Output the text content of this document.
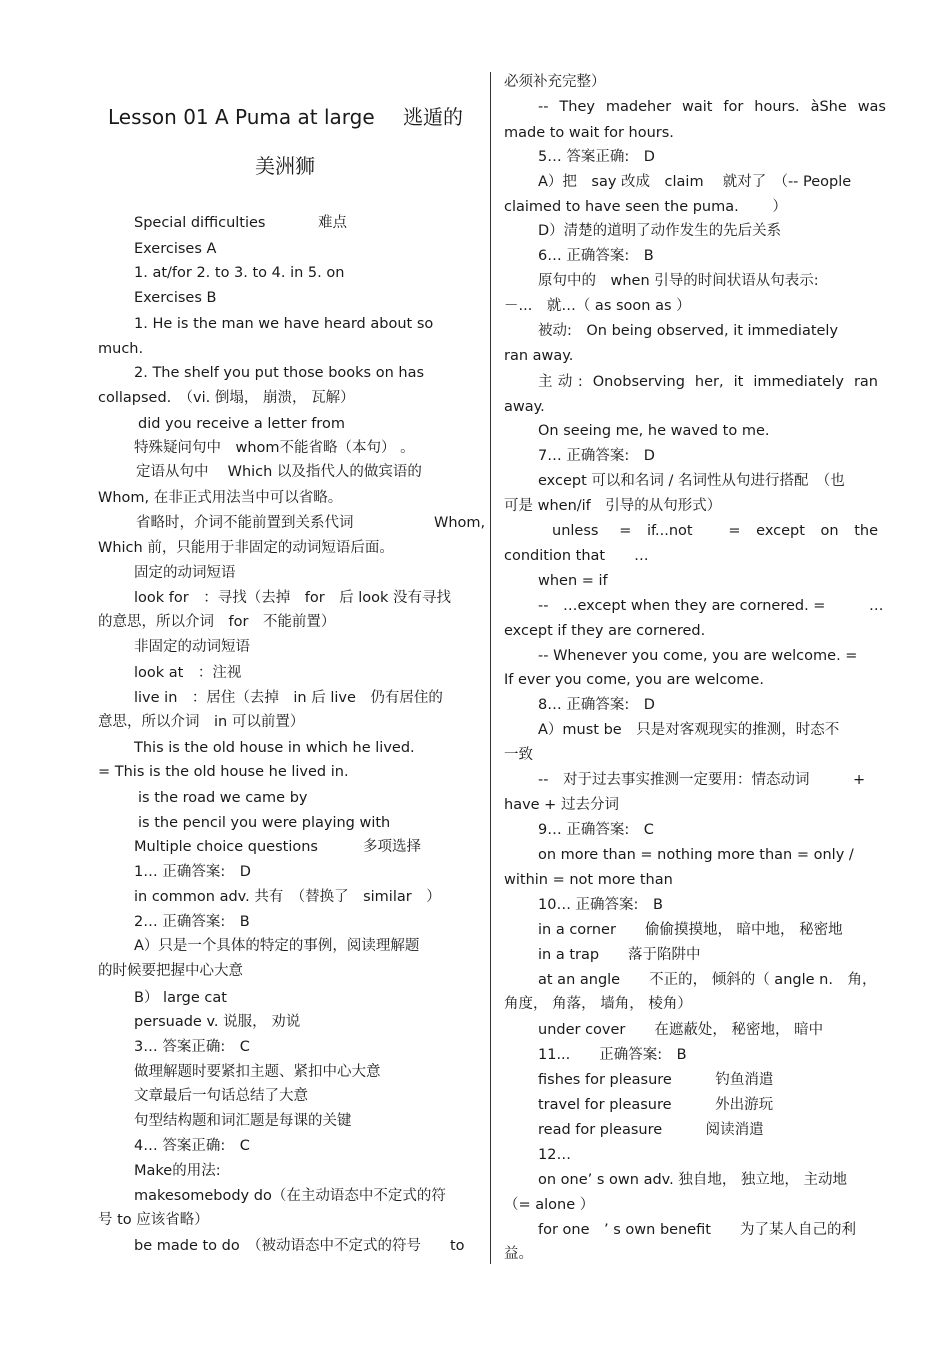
Lesson 01 A Puma at large 逃遁的
美洲狮
Special difficulties	难点
Exercises A
1. at/for 2. to 3. to 4. in 5. on
Exercises B
1. He is the man we have heard about so
much.
2. The shelf you put those books on has
collapsed.　（vi. 倒塌， 崩溃， 瓦解）
did you receive a letter from
特殊疑问句中　whom不能省略（本句） 。
定语从句中　 Which 以及指代人的做宾语的
Whom, 在非正式用法当中可以省略。
省略时，介词不能前置到关系代词	Whom,
Which 前，只能用于非固定的动词短语后面。
固定的动词短语
look for　：寻找（去掉　for　后 look 没有寻找
的意思，所以介词　for　不能前置）
非固定的动词短语
look at　：注视
live in　：居住（去掉　in 后 live　仍有居住的
意思，所以介词　in 可以前置）
This is the old house in which he lived.
= This is the old house he lived in.
is the road we came by
is the pencil you were playing with
Multiple choice questions	多项选择
1… 正确答案:　D
in common adv. 共有　（替换了　similar　）
2… 正确答案:　B
A）只是一个具体的特定的事例，阅读理解题
的时候要把握中心大意
B） large cat
persuade v. 说服， 劝说
3… 答案正确:　C
做理解题时要紧扣主题、紧扣中心大意
文章最后一句话总结了大意
句型结构题和词汇题是每课的关键
4… 答案正确:　C
Make的用法:
makesomebody do（在主动语态中不定式的符
号 to 应该省略）
be made to do　（被动语态中不定式的符号　　to
必须补充完整）
-- They madeher wait for hours. àShe was
made to wait for hours.
5… 答案正确:　D
A）把　say 改成　claim　 就对了　（-- People
claimed to have seen the puma.　　 ）
D）清楚的道明了动作发生的先后关系
6… 正确答案:　B
原句中的　when 引导的时间状语从句表示:
－...　就…（ as soon as ）
被动:　On being observed, it immediately
ran away.
主动: Onobserving her, it immediately ran
away.
On seeing me, he waved to me.
7… 正确答案:　D
except 可以和名词 / 名词性从句进行搭配　（也
可是 when/if　引导的从句形式）
unless　 =　if...not　　 =　except　on　the
condition that　　…
when = if
--　…except when they are cornered. =　　　…
except if they are cornered.
-- Whenever you come, you are welcome. =
If ever you come, you are welcome.
8… 正确答案:　D
A）must be　只是对客观现实的推测，时态不
一致
--　对于过去事实推测一定要用：情态动词　　　+
have + 过去分词
9… 正确答案:　C
on more than = nothing more than = only /
within = not more than
10… 正确答案:　B
in a corner　　偷偷摸摸地， 暗中地， 秘密地
in a trap　　落于陷阱中
at an angle　　不正的， 倾斜的（ angle n.　角，
角度， 角落， 墙角， 棱角）
under cover　　在遮蔽处， 秘密地， 暗中
11...　　正确答案:　B
fishes for pleasure　　　钓鱼消遣
travel for pleasure　　　外出游玩
read for pleasure　　　阅读消遣
12…
on one’ s own adv. 独自地， 独立地， 主动地
（= alone ）
for one　’ s own benefit　　为了某人自己的利
益。
